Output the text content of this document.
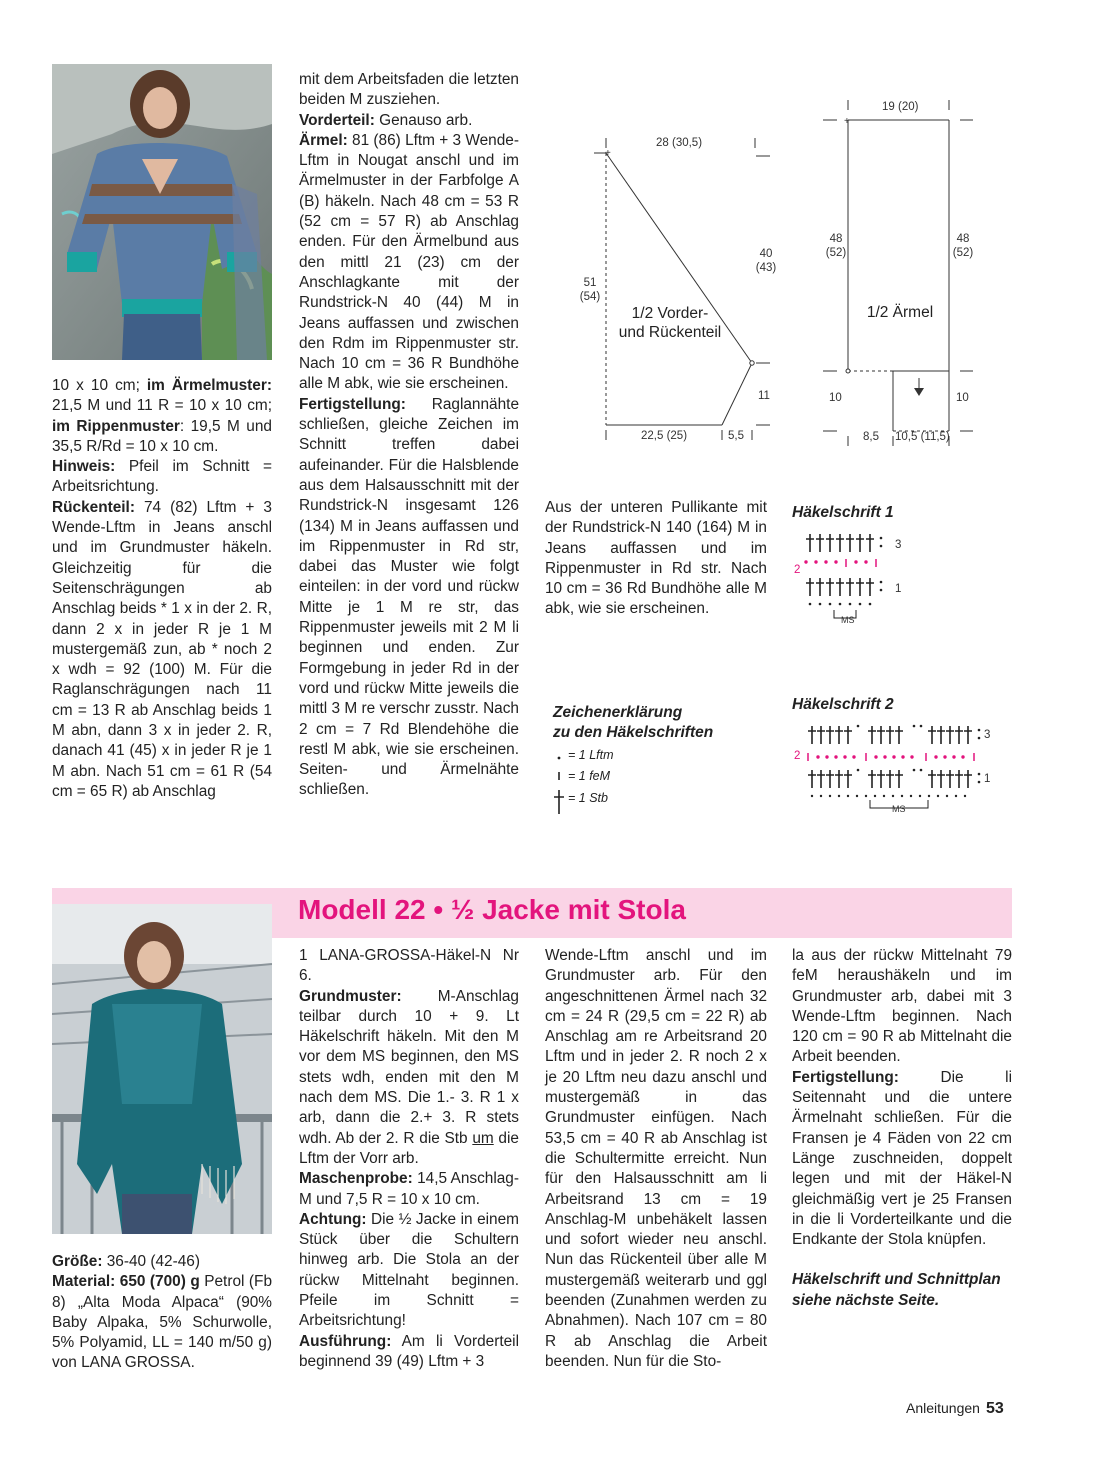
10 x 10 cm; im Ärmelmuster: 21,5 M und 11 R = 10 x 10 cm; im Rippenmuster: 19,5 M und 35,5 R/Rd = 10 x 10 cm.

Hinweis: Pfeil im Schnitt = Arbeitsrichtung.

Rückenteil: 74 (82) Lftm + 3 Wende-Lftm in Jeans anschl und im Grundmuster häkeln. Gleichzeitig für die Seitenschrägungen ab Anschlag beids * 1 x in der 2. R, dann 2 x in jeder R je 1 M mustergemäß zun, ab * noch 2 x wdh = 92 (100) M. Für die Raglanschrägungen nach 11 cm = 13 R ab Anschlag beids 1 M abn, dann 3 x in jeder 2. R, danach 41 (45) x in jeder R je 1 M abn. Nach 51 cm = 61 R (54 cm = 65 R) ab Anschlag

mit dem Arbeitsfaden die letzten beiden M zusziehen.

Vorderteil: Genauso arb.

Ärmel: 81 (86) Lftm + 3 Wende-Lftm in Nougat anschl und im Ärmelmuster in der Farbfolge A (B) häkeln. Nach 48 cm = 53 R (52 cm = 57 R) ab Anschlag enden. Für den Ärmelbund aus den mittl 21 (23) cm der Anschlagkante mit der Rundstrick-N 40 (44) M in Jeans auffassen und zwischen den Rdm im Rippenmuster str. Nach 10 cm = 36 R Bundhöhe alle M abk, wie sie erscheinen.

Fertigstellung: Raglannähte schließen, gleiche Zeichen im Schnitt treffen dabei aufeinander. Für die Halsblende aus dem Halsausschnitt mit der Rundstrick-N insgesamt 126 (134) M in Jeans auffassen und im Rippenmuster in Rd str, dabei das Muster wie folgt einteilen: in der vord und rückw Mitte je 1 M re str, das Rippenmuster jeweils mit 2 M li beginnen und enden. Zur Formgebung in jeder Rd in der vord und rückw Mitte jeweils die mittl 3 M re verschr zusstr. Nach 2 cm = 7 Rd Blendehöhe die restl M abk, wie sie erscheinen. Seiten- und Ärmelnähte schließen.

+
28 (30,5)
51
(54)
40
(43)
1/2 Vorder-
und Rückenteil
11
22,5 (25)	5,5
+
19 (20)
48
(52)
48
(52)
1/2 Ärmel
10	10
8,5 10,5 (11,5)

Aus der unteren Pullikante mit der Rundstrick-N 140 (164) M in Jeans auffassen und im Rippenmuster in Rd str. Nach 10 cm = 36 Rd Bundhöhe alle M abk, wie sie erscheinen.

Häkelschrift 1
3
2
1
MS
Zeichenerklärung
zu den Häkelschriften
= 1 Lftm
= 1 feM
= 1 Stb
Häkelschrift 2
3
2
1
MS
Modell 22 • ½ Jacke mit Stola

Größe: 36-40 (42-46)

Material: 650 (700) g Petrol (Fb 8) „Alta Moda Alpaca“ (90% Baby Alpaka, 5% Schurwolle, 5% Polyamid, LL = 140 m/50 g) von LANA GROSSA.

1 LANA-GROSSA-Häkel-N Nr 6.

Grundmuster: M-Anschlag teilbar durch 10 + 9. Lt Häkelschrift häkeln. Mit den M vor dem MS beginnen, den MS stets wdh, enden mit den M nach dem MS. Die 1.- 3. R 1 x arb, dann die 2.+ 3. R stets wdh. Ab der 2. R die Stb um die Lftm der Vorr arb.

Maschenprobe: 14,5 Anschlag-M und 7,5 R = 10 x 10 cm.

Achtung: Die ½ Jacke in einem Stück über die Schultern hinweg arb. Die Stola an der rückw Mittelnaht beginnen. Pfeile im Schnitt = Arbeitsrichtung!

Ausführung: Am li Vorderteil beginnend 39 (49) Lftm + 3

Wende-Lftm anschl und im Grundmuster arb. Für den angeschnittenen Ärmel nach 32 cm = 24 R (29,5 cm = 22 R) ab Anschlag am re Arbeitsrand 20 Lftm und in jeder 2. R noch 2 x je 20 Lftm neu dazu anschl und mustergemäß in das Grundmuster einfügen. Nach 53,5 cm = 40 R ab Anschlag ist die Schultermitte erreicht. Nun für den Halsausschnitt am li Arbeitsrand 13 cm = 19 Anschlag-M unbehäkelt lassen und sofort wieder neu anschl. Nun das Rückenteil über alle M mustergemäß weiterarb und ggl beenden (Zunahmen werden zu Abnahmen). Nach 107 cm = 80 R ab Anschlag die Arbeit beenden. Nun für die Sto-

la aus der rückw Mittelnaht 79 feM heraushäkeln und im Grundmuster arb, dabei mit 3 Wende-Lftm beginnen. Nach 120 cm = 90 R ab Mittelnaht die Arbeit beenden.

Fertigstellung: Die li Seitennaht und die untere Ärmelnaht schließen. Für die Fransen je 4 Fäden von 22 cm Länge zuschneiden, doppelt legen und mit der Häkel-N gleichmäßig vert je 25 Fransen in die li Vorderteilkante und die Endkante der Stola knüpfen.

Häkelschrift und Schnittplan siehe nächste Seite.

Anleitungen 53
